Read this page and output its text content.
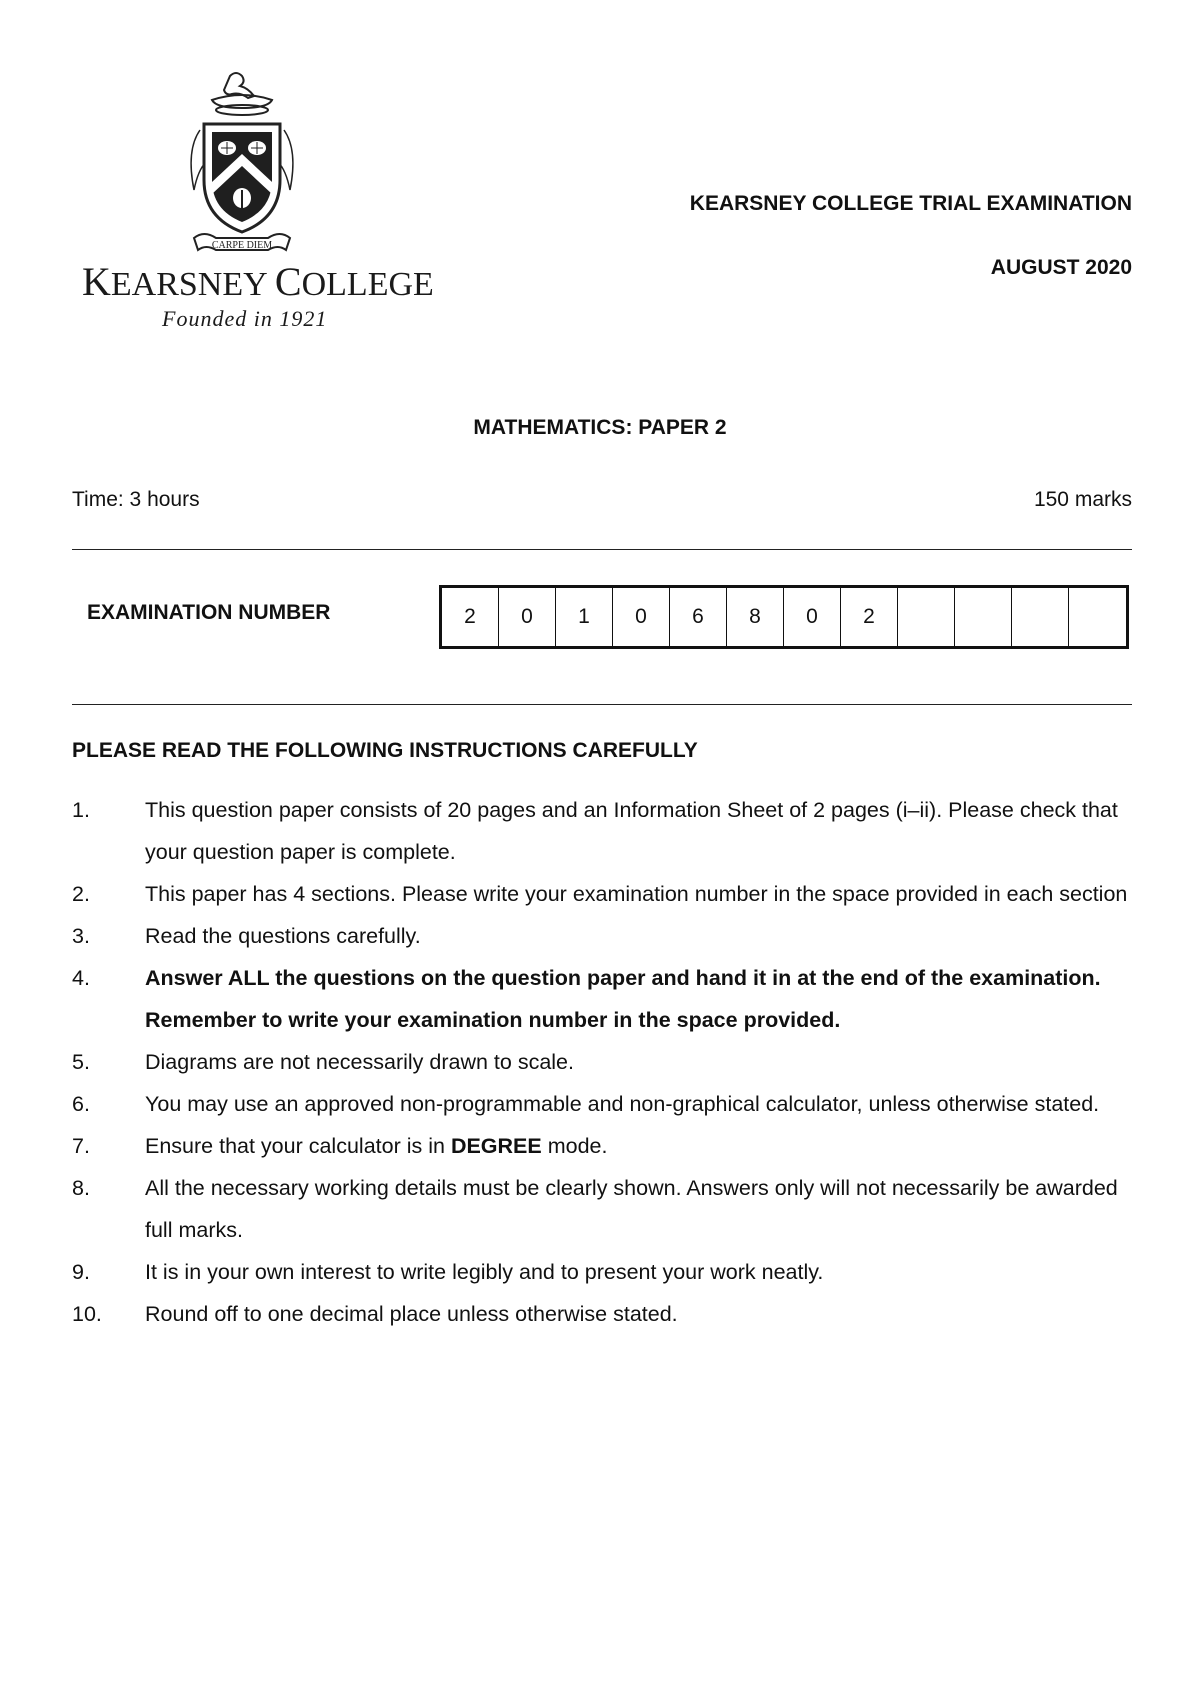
CARPE DIEM
KEARSNEY COLLEGE
Founded in 1921
KEARSNEY COLLEGE TRIAL EXAMINATION
AUGUST 2020
MATHEMATICS: PAPER 2
Time: 3 hours	150 marks
EXAMINATION NUMBER	2	0	1	0	6	8	0	2
PLEASE READ THE FOLLOWING INSTRUCTIONS CAREFULLY
1.	This question paper consists of 20 pages and an Information Sheet of 2 pages (i–ii). Please check that your question paper is complete.
2.	This paper has 4 sections. Please write your examination number in the space provided in each section
3.	Read the questions carefully.
4.	Answer ALL the questions on the question paper and hand it in at the end of the examination. Remember to write your examination number in the space provided.
5.	Diagrams are not necessarily drawn to scale.
6.	You may use an approved non-programmable and non-graphical calculator, unless otherwise stated.
7.	Ensure that your calculator is in DEGREE mode.
8.	All the necessary working details must be clearly shown. Answers only will not necessarily be awarded full marks.
9.	It is in your own interest to write legibly and to present your work neatly.
10. Round off to one decimal place unless otherwise stated.
